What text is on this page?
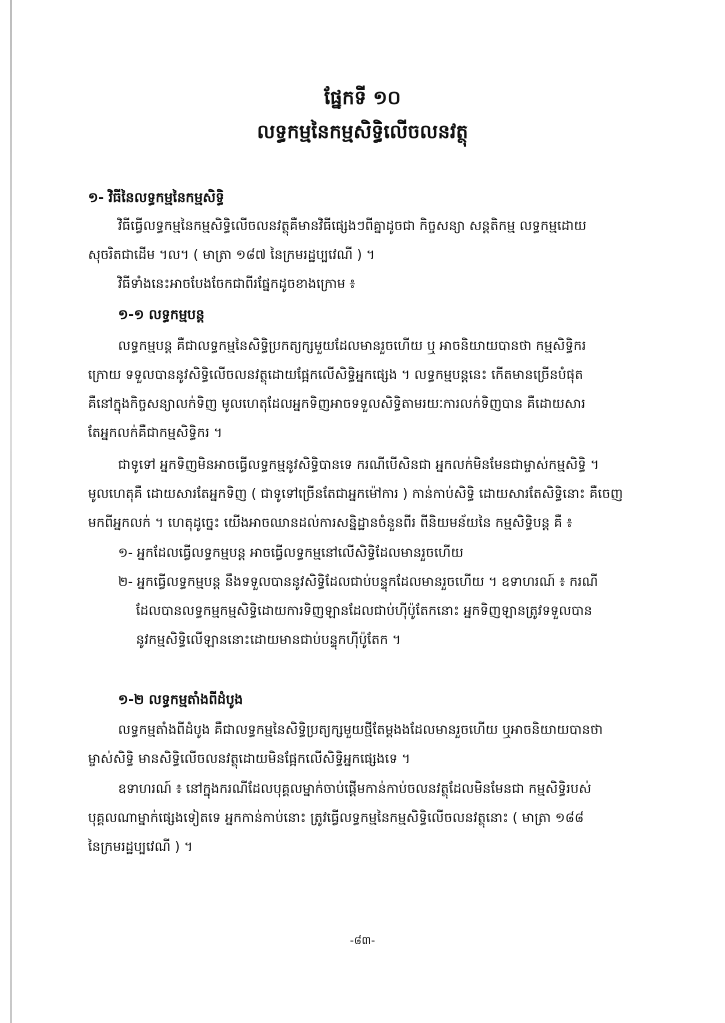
ផ្នែកទី ១០
លទ្ធកម្មនៃកម្មសិទ្ធិលើចលនវត្ថុ
១- វិធីនៃលទ្ធកម្មនៃកម្មសិទ្ធិ
វិធីធ្វើលទ្ធកម្មនៃកម្មសិទ្ធិលើចលនវត្ថុគឺមានវិធីផ្សេងៗពីគ្នាដូចជា កិច្ចសន្យា សន្តតិកម្ម លទ្ធកម្មដោយ
សុចរិតជាដើម ។ល។ ( មាត្រា ១៨៧ នៃក្រមរដ្ឋប្បវេណី ) ។
វិធីទាំងនេះអាចបែងចែកជាពីរផ្នែកដូចខាងក្រោម ៖
១-១ លទ្ធកម្មបន្ត
លទ្ធកម្មបន្ត គឺជាលទ្ធកម្មនៃសិទ្ធិប្រកត្យក្សមួយដែលមានរួចហើយ ឬ អាចនិយាយបានថា កម្មសិទ្ធិករ
ក្រោយ ទទួលបាននូវសិទ្ធិលើចលនវត្ថុដោយផ្អែកលើសិទ្ធិអ្នកផ្សេង ។ លទ្ធកម្មបន្តនេះ កើតមានច្រើនបំផុត
គឺនៅក្នុងកិច្ចសន្យាលក់ទិញ មូលហេតុដែលអ្នកទិញអាចទទួលសិទ្ធិតាមរយៈការលក់ទិញបាន គឺដោយសារ
តែអ្នកលក់គឺជាកម្មសិទ្ធិករ ។
ជាទូទៅ អ្នកទិញមិនអាចធ្វើលទ្ធកម្មនូវសិទ្ធិបានទេ ករណីបើសិនជា អ្នកលក់មិនមែនជាម្ចាស់កម្មសិទ្ធិ ។
មូលហេតុគឺ ដោយសារតែអ្នកទិញ ( ជាទូទៅច្រើនតែជាអ្នកម៉ៅការ ) កាន់កាប់សិទ្ធិ ដោយសារតែសិទ្ធិនោះ គឺចេញ
មកពីអ្នកលក់ ។ ហេតុដូច្នេះ យើងអាចឈានដល់ការសន្និដ្ឋានចំនួនពីរ ពីនិយមន័យនៃ កម្មសិទ្ធិបន្ត គឺ ៖
១- អ្នកដែលធ្វើលទ្ធកម្មបន្ត អាចធ្វើលទ្ធកម្មនៅលើសិទ្ធិដែលមានរួចហើយ
២- អ្នកធ្វើលទ្ធកម្មបន្ត នឹងទទួលបាននូវសិទ្ធិដែលជាប់បន្ទុកដែលមានរួចហើយ ។ ឧទាហរណ៍ ៖ ករណី
ដែលបានលទ្ធកម្មកម្មសិទ្ធិដោយការទិញឡានដែលជាប់ហ៊ីប៉ូតែកនោះ អ្នកទិញឡានត្រូវទទួលបាន
នូវកម្មសិទ្ធិលើឡាននោះដោយមានជាប់បន្ទុកហ៊ីប៉ូតែក ។
១-២ លទ្ធកម្មតាំងពីដំបូង
លទ្ធកម្មតាំងពីដំបូង គឺជាលទ្ធកម្មនៃសិទ្ធិប្រត្យក្សមួយថ្មីតែម្តងងដែលមានរួចហើយ ឬអាចនិយាយបានថា
ម្ចាស់សិទ្ធិ មានសិទ្ធិលើចលនវត្ថុដោយមិនផ្អែកលើសិទ្ធិអ្នកផ្សេងទេ ។
ឧទាហរណ៍ ៖ នៅក្នុងករណីដែលបុគ្គលម្នាក់ចាប់ផ្តើមកាន់កាប់ចលនវត្ថុដែលមិនមែនជា កម្មសិទ្ធិរបស់
បុគ្គលណាម្នាក់ផ្សេងទៀតទេ អ្នកកាន់កាប់នោះ ត្រូវធ្វើលទ្ធកម្មនៃកម្មសិទ្ធិលើចលនវត្ថុនោះ ( មាត្រា ១៨៨
នៃក្រមរដ្ឋប្បវេណី ) ។
-៨៣-
